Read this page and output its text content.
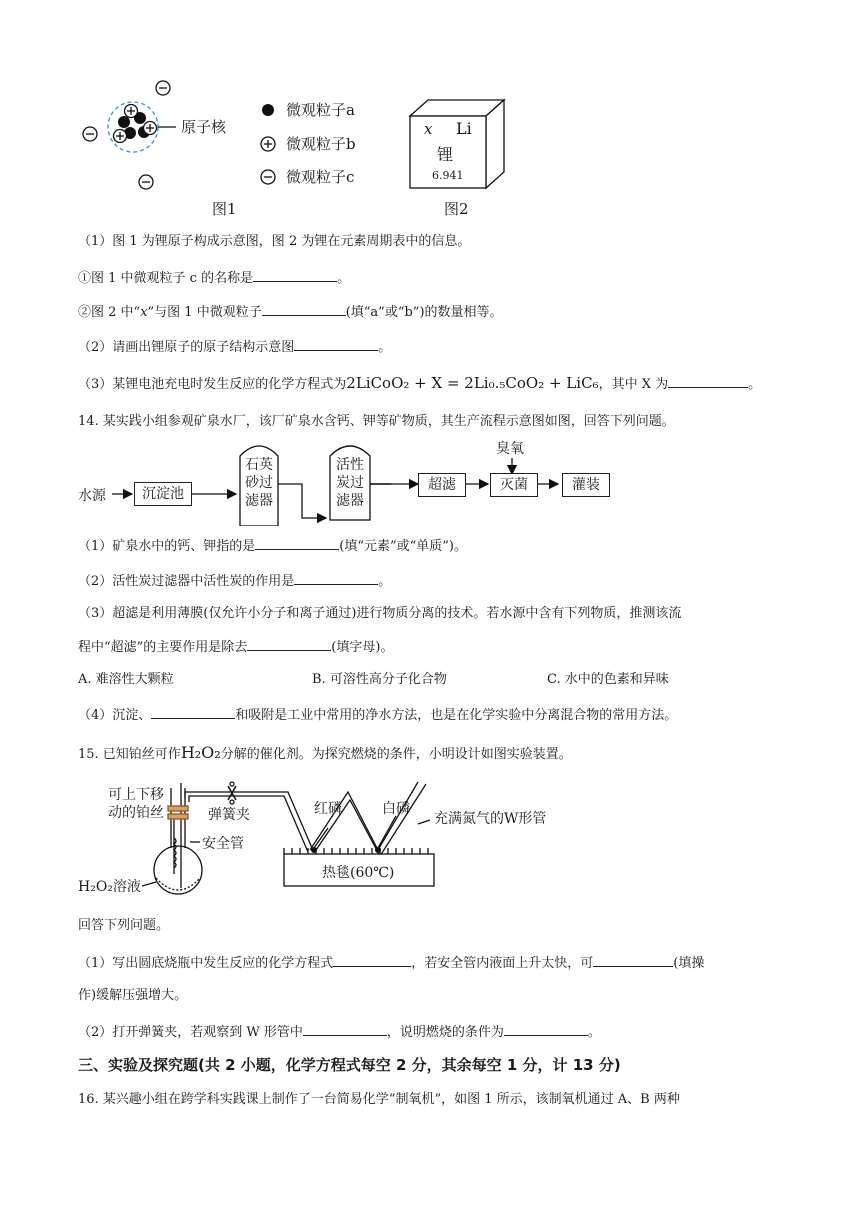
原子核
微观粒子a
微观粒子b
微观粒子c
图1
x Li
锂
6.941
图2
（1）图 1 为锂原子构成示意图，图 2 为锂在元素周期表中的信息。
①图 1 中微观粒子 c 的名称是	。
②图 2 中“x”与图 1 中微观粒子	(填“a”或“b”)的数量相等。
（2）请画出锂原子的原子结构示意图	。
（3）某锂电池充电时发生反应的化学方程式为2LiCoO₂ + X = 2Li₀.₅CoO₂ + LiC₆，其中 X 为	。
14. 某实践小组参观矿泉水厂，该厂矿泉水含钙、钾等矿物质，其生产流程示意图如图，回答下列问题。
水源	沉淀池
石英砂过滤器
活性炭过滤器
超滤
臭氧
灭菌	灌装
（1）矿泉水中的钙、钾指的是	(填“元素”或“单质”)。
（2）活性炭过滤器中活性炭的作用是	。
（3）超滤是利用薄膜(仅允许小分子和离子通过)进行物质分离的技术。若水源中含有下列物质，推测该流
程中“超滤”的主要作用是除去	(填字母)。
A. 难溶性大颗粒	B. 可溶性高分子化合物	C. 水中的色素和异味
（4）沉淀、	和吸附是工业中常用的净水方法，也是在化学实验中分离混合物的常用方法。
15. 已知铂丝可作H₂O₂分解的催化剂。为探究燃烧的条件，小明设计如图实验装置。
可上下移动的铂丝	弹簧夹
安全管
H₂O₂溶液
红磷	白磷
充满氮气的W形管
热毯(60℃)
回答下列问题。
（1）写出圆底烧瓶中发生反应的化学方程式	，若安全管内液面上升太快，可	(填操
作)缓解压强增大。
（2）打开弹簧夹，若观察到 W 形管中	，说明燃烧的条件为	。
三、实验及探究题(共 2 小题，化学方程式每空 2 分，其余每空 1 分，计 13 分)
16. 某兴趣小组在跨学科实践课上制作了一台简易化学“制氧机”，如图 1 所示，该制氧机通过 A、B 两种
